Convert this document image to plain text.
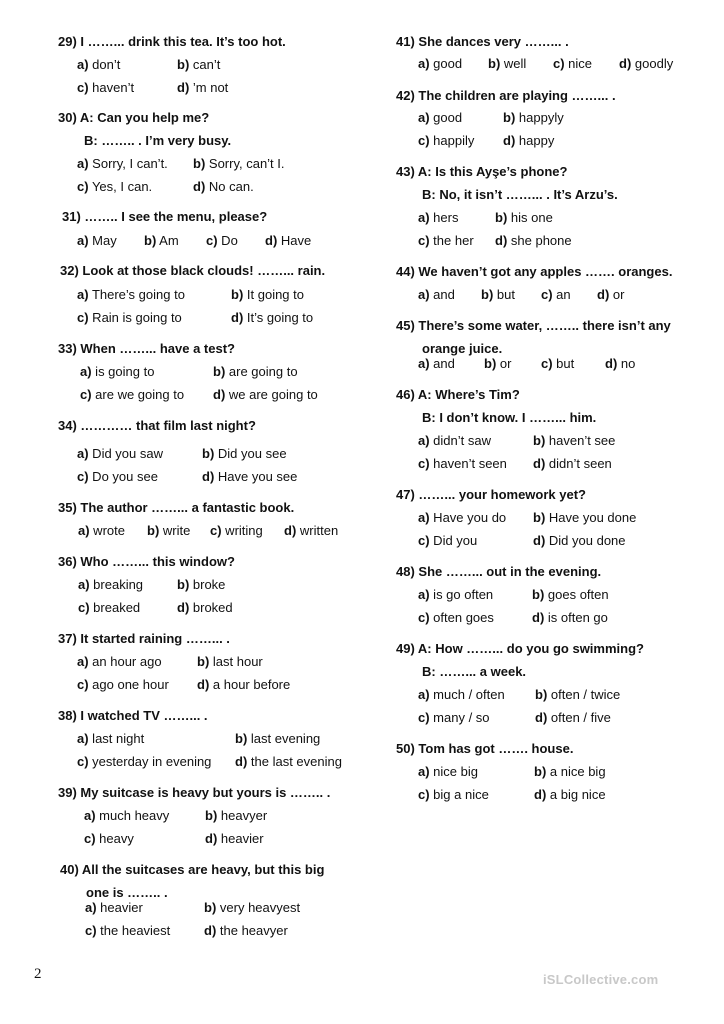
29) I ……... drink this tea. It’s too hot.
a) don’t	b) can’t
c) haven’t	d) ’m not
30) A: Can you help me?
B: …….. . I’m very busy.
a) Sorry, I can’t. b) Sorry, can’t I.
c) Yes, I can.	d) No can.
31) …….. I see the menu, please?
a) May b) Am c) Do d) Have
32) Look at those black clouds! ……... rain.
a) There’s going to	b) It going to
c) Rain is going to	d) It’s going to
33) When ……... have a test?
a) is going to	b) are going to
c) are we going to d) we are going to
34) ………… that film last night?
a) Did you saw	b) Did you see
c) Do you see	d) Have you see
35) The author ……... a fantastic book.
a) wrote b) write c) writing d) written
36) Who ……... this window?
a) breaking	b) broke
c) breaked	d) broked
37) It started raining ……... .
a) an hour ago	b) last hour
c) ago one hour d) a hour before
38) I watched TV ……... .
a) last night	b) last evening
c) yesterday in evening d) the last evening
39) My suitcase is heavy but yours is …….. .
a) much heavy	b) heavyer
c) heavy	d) heavier
40) All the suitcases are heavy, but this big
one is …….. .
a) heavier	b) very heavyest
c) the heaviest	d) the heavyer
41) She dances very ……... .
a) good b) well c) nice d) goodly
42) The children are playing ……... .
a) good	b) happyly
c) happily d) happy
43) A: Is this Ayşe’s phone?
B: No, it isn’t ……... . It’s Arzu’s.
a) hers	b) his one
c) the her d) she phone
44) We haven’t got any apples ……. oranges.
a) and b) but c) an d) or
45) There’s some water, …….. there isn’t any
orange juice.
a) and b) or c) but d) no
46) A: Where’s Tim?
B: I don’t know. I ……... him.
a) didn’t saw	b) haven’t see
c) haven’t seen d) didn’t seen
47) ……... your homework yet?
a) Have you do b) Have you done
c) Did you	d) Did you done
48) She ……... out in the evening.
a) is go often	b) goes often
c) often goes	d) is often go
49) A: How ……... do you go swimming?
B: ……... a week.
a) much / often b) often / twice
c) many / so	d) often / five
50) Tom has got ……. house.
a) nice big	b) a nice big
c) big a nice	d) a big nice
2	iSLCollective.com
